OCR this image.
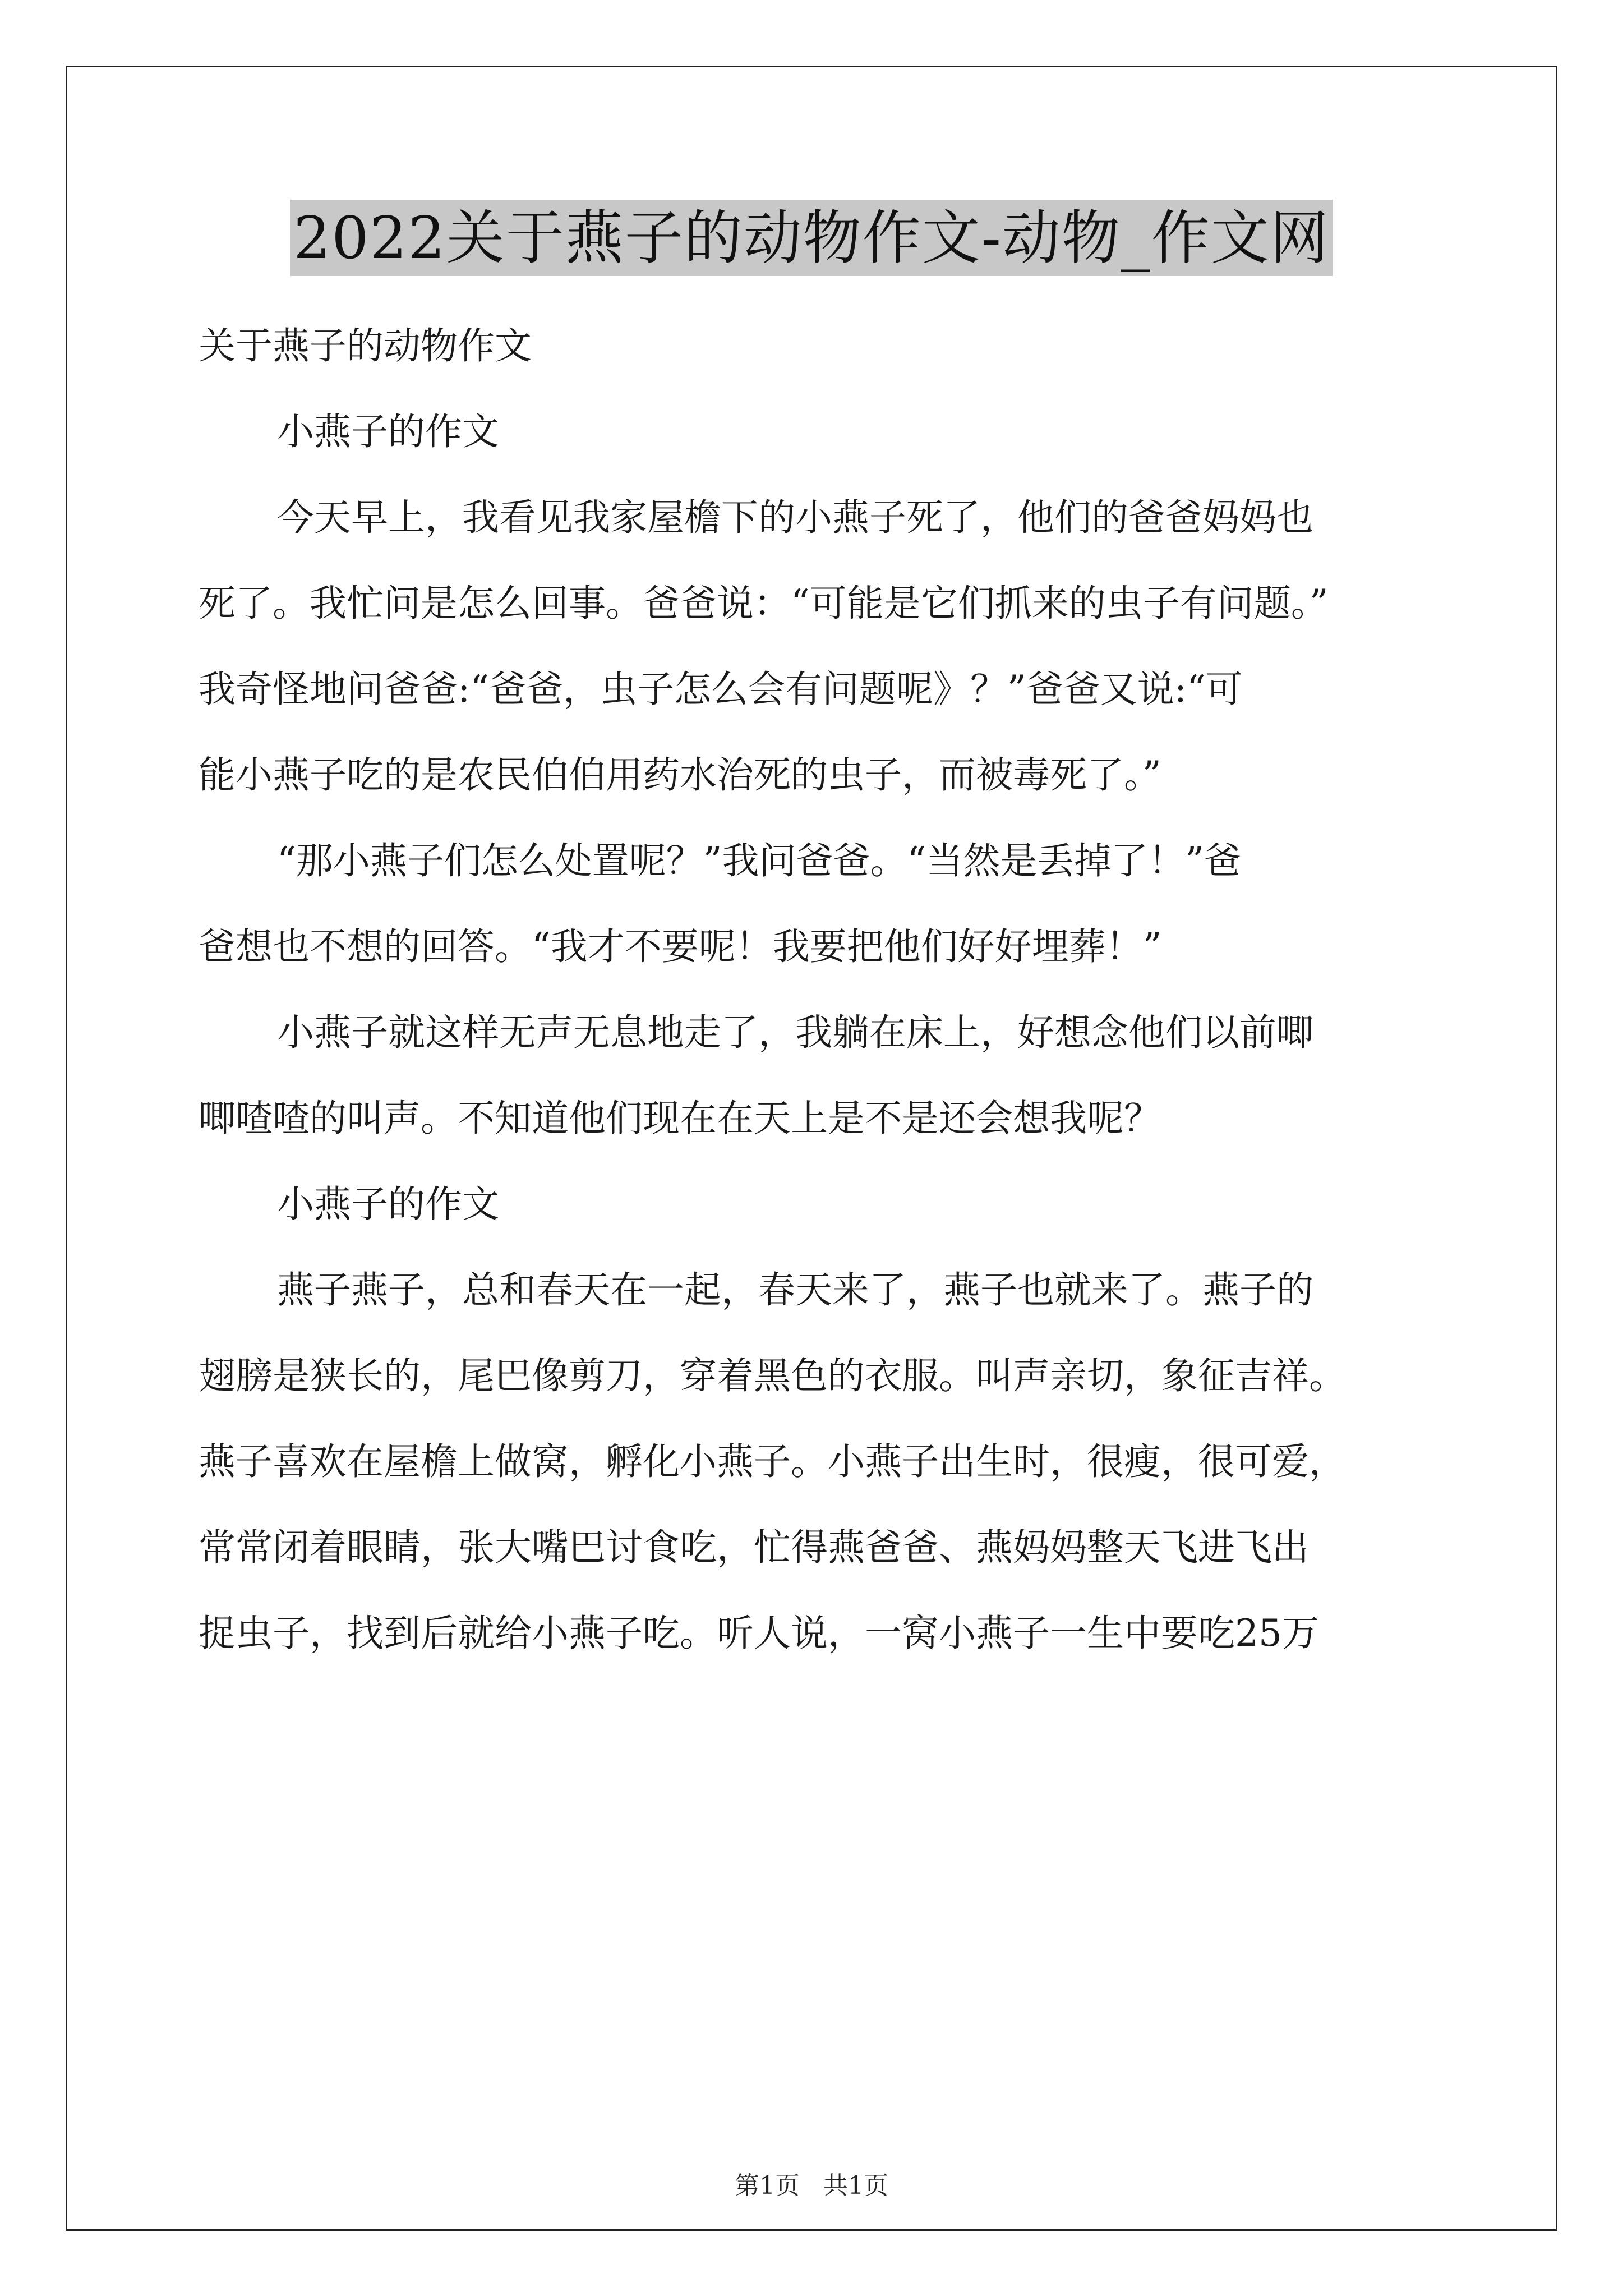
2022关于燕子的动物作文-动物_作文网
关于燕子的动物作文
小燕子的作文
今天早上，我看见我家屋檐下的小燕子死了，他们的爸爸妈妈也
死了。我忙问是怎么回事。爸爸说：“可能是它们抓来的虫子有问题。”
我奇怪地问爸爸:“爸爸，虫子怎么会有问题呢》？”爸爸又说:“可
能小燕子吃的是农民伯伯用药水治死的虫子，而被毒死了。”
“那小燕子们怎么处置呢？”我问爸爸。“当然是丢掉了！”爸
爸想也不想的回答。“我才不要呢！我要把他们好好埋葬！”
小燕子就这样无声无息地走了，我躺在床上，好想念他们以前唧
唧喳喳的叫声。不知道他们现在在天上是不是还会想我呢？
小燕子的作文
燕子燕子，总和春天在一起，春天来了，燕子也就来了。燕子的
翅膀是狭长的，尾巴像剪刀，穿着黑色的衣服。叫声亲切，象征吉祥。
燕子喜欢在屋檐上做窝，孵化小燕子。小燕子出生时，很瘦，很可爱，
常常闭着眼睛，张大嘴巴讨食吃，忙得燕爸爸、燕妈妈整天飞进飞出
捉虫子，找到后就给小燕子吃。听人说，一窝小燕子一生中要吃25万
第1页 共1页
